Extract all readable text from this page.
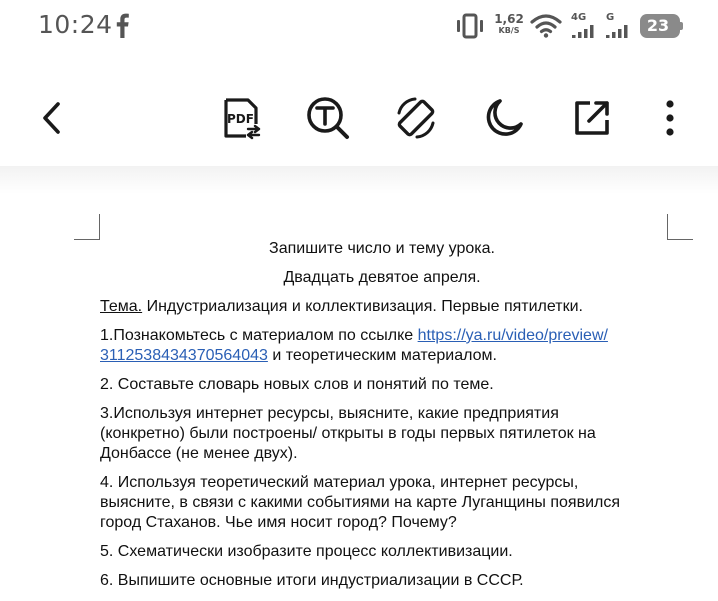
10:24	1,62
KB/S
4G G	23
PDF
Запишите число и тему урока.
Двадцать девятое апреля.
Тема. Индустриализация и коллективизация. Первые пятилетки.
1.Познакомьтесь с материалом по ссылке https://ya.ru/video/preview/
3112538434370564043 и теоретическим материалом.
2. Составьте словарь новых слов и понятий по теме.
3.Используя интернет ресурсы, выясните, какие предприятия
(конкретно) были построены/ открыты в годы первых пятилеток на
Донбассе (не менее двух).
4. Используя теоретический материал урока, интернет ресурсы,
выясните, в связи с какими событиями на карте Луганщины появился
город Стаханов. Чье имя носит город? Почему?
5. Схематически изобразите процесс коллективизации.
6. Выпишите основные итоги индустриализации в СССР.
